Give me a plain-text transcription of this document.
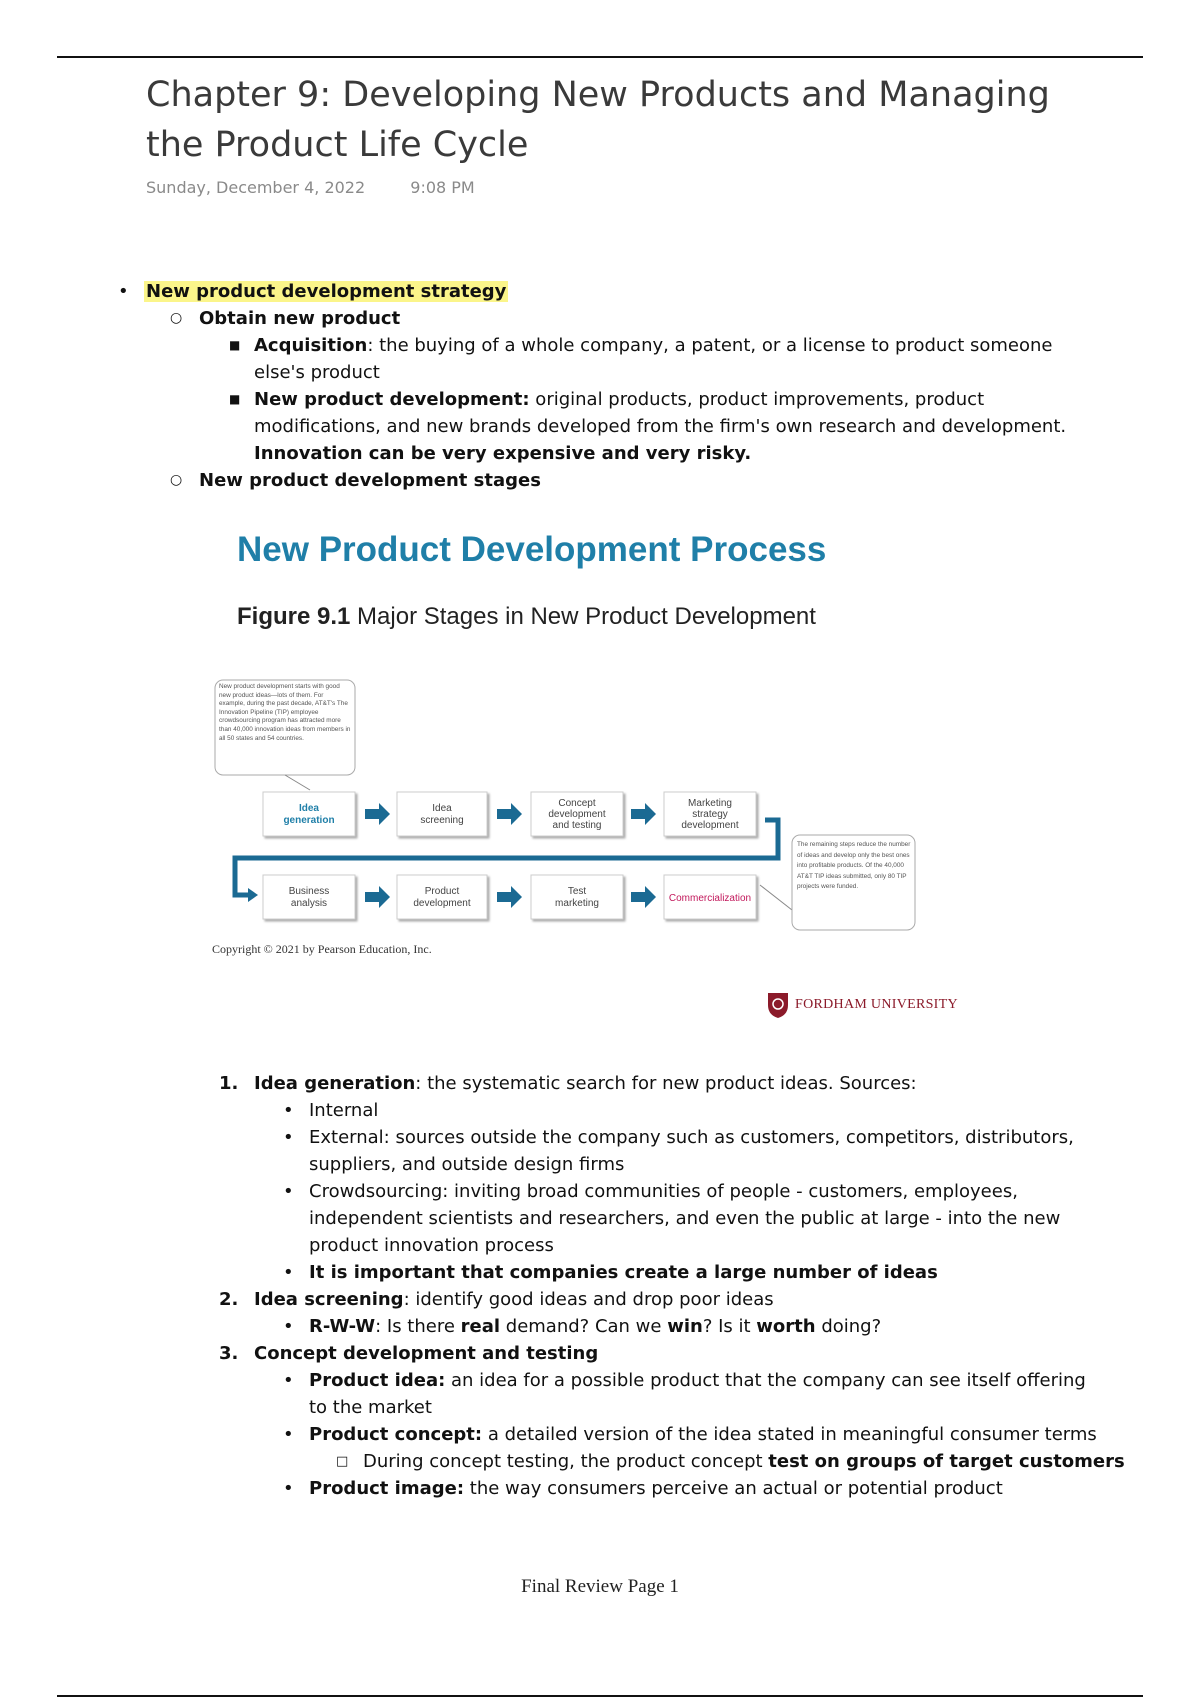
Chapter 9: Developing New Products and Managing the Product Life Cycle
Sunday, December 4, 2022	9:08 PM
• New product development strategy
○ Obtain new product
■ Acquisition: the buying of a whole company, a patent, or a license to product someone
else's product
■ New product development: original products, product improvements, product
modifications, and new brands developed from the firm's own research and development.
Innovation can be very expensive and very risky.
○ New product development stages
New Product Development Process
Figure 9.1 Major Stages in New Product Development
New product development starts with good new product ideas—lots of them. For example, during the past decade, AT&T's The Innovation Pipeline (TIP) employee crowdsourcing program has attracted more than 40,000 innovation ideas from members in all 50 states and 54 countries.
Idea generation
Idea screening
Concept development and testing
Marketing strategy development
Business analysis
Product development
Test marketing	Commercialization
The remaining steps reduce the number of ideas and develop only the best ones into profitable products. Of the 40,000 AT&T TIP ideas submitted, only 80 TIP projects were funded.
Copyright © 2021 by Pearson Education, Inc.
FORDHAM UNIVERSITY
1. Idea generation: the systematic search for new product ideas. Sources:
• Internal
• External: sources outside the company such as customers, competitors, distributors,
suppliers, and outside design firms
• Crowdsourcing: inviting broad communities of people - customers, employees,
independent scientists and researchers, and even the public at large - into the new
product innovation process
• It is important that companies create a large number of ideas
2. Idea screening: identify good ideas and drop poor ideas
• R-W-W: Is there real demand? Can we win? Is it worth doing?
3. Concept development and testing
• Product idea: an idea for a possible product that the company can see itself offering
to the market
• Product concept: a detailed version of the idea stated in meaningful consumer terms
□ During concept testing, the product concept test on groups of target customers
• Product image: the way consumers perceive an actual or potential product
Final Review Page 1
